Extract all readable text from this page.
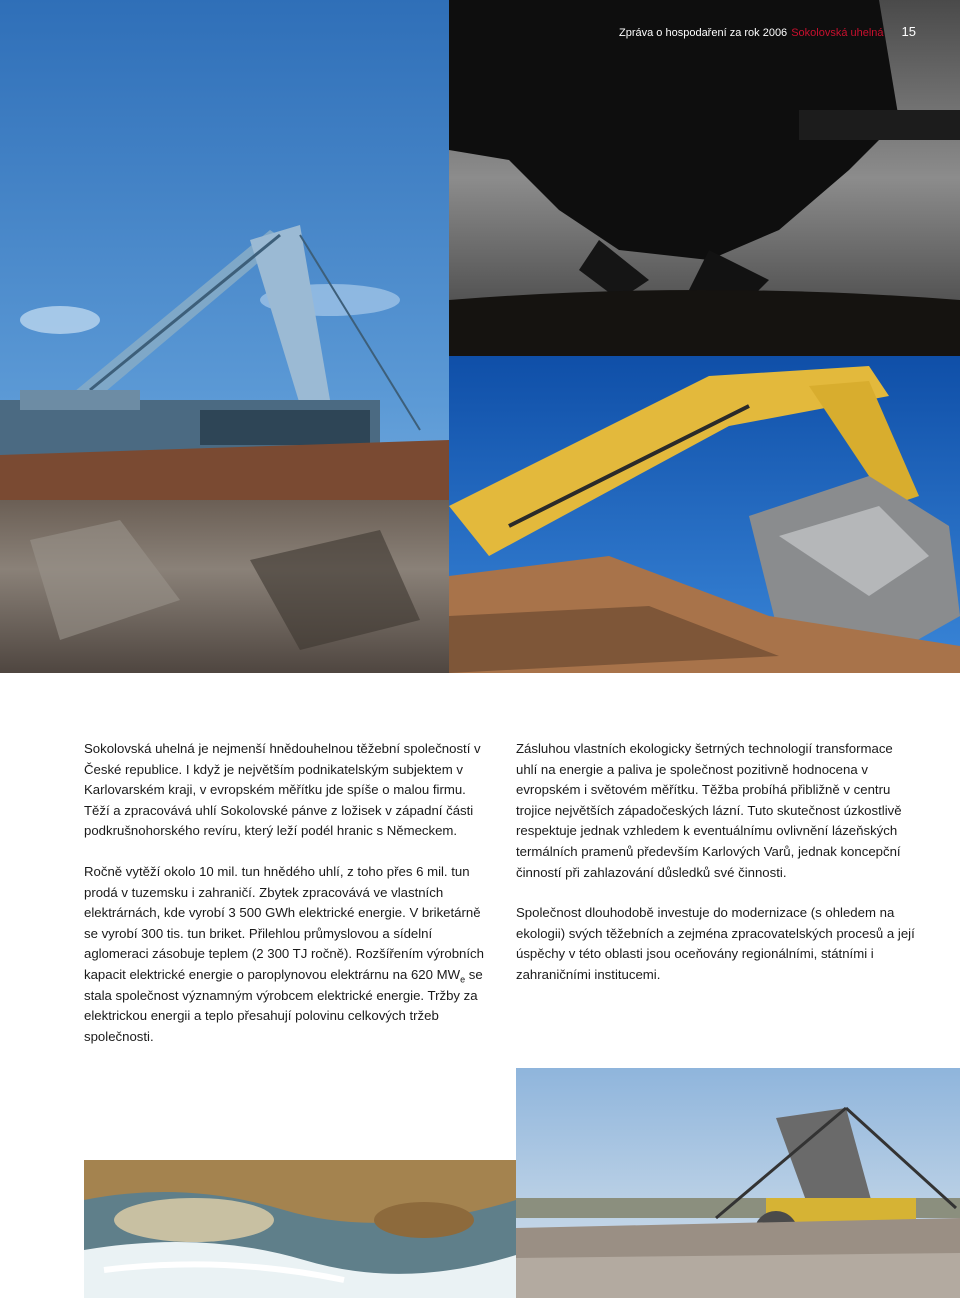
Zpráva o hospodaření za rok 2006 Sokolovská uhelná 15

Sokolovská uhelná je nejmenší hnědouhelnou těžební společností v České republice. I když je největším podnikatelským subjektem v Karlovarském kraji, v evropském měřítku jde spíše o malou firmu. Těží a zpracovává uhlí Sokolovské pánve z ložisek v západní části podkrušnohorského revíru, který leží podél hranic s Německem.

Ročně vytěží okolo 10 mil. tun hnědého uhlí, z toho přes 6 mil. tun prodá v tuzemsku i zahraničí. Zbytek zpracovává ve vlastních elektrárnách, kde vyrobí 3 500 GWh elektrické energie. V briketárně se vyrobí 300 tis. tun briket. Přilehlou průmyslovou a sídelní aglomeraci zásobuje teplem (2 300 TJ ročně). Rozšířením výrobních kapacit elektrické energie o paroplynovou elektrárnu na 620 $MW_e$ se stala společnost významným výrobcem elektrické energie. Tržby za elektrickou energii a teplo přesahují polovinu celkových tržeb společnosti.

Zásluhou vlastních ekologicky šetrných technologií transformace uhlí na energie a paliva je společnost pozitivně hodnocena v evropském i světovém měřítku. Těžba probíhá přibližně v centru trojice největších západočeských lázní. Tuto skutečnost úzkostlivě respektuje jednak vzhledem k eventuálnímu ovlivnění lázeňských termálních pramenů především Karlových Varů, jednak koncepční činností při zahlazování důsledků své činnosti.

Společnost dlouhodobě investuje do modernizace (s ohledem na ekologii) svých těžebních a zejména zpracovatelských procesů a její úspěchy v této oblasti jsou oceňovány regionálními, státními i zahraničními institucemi.
